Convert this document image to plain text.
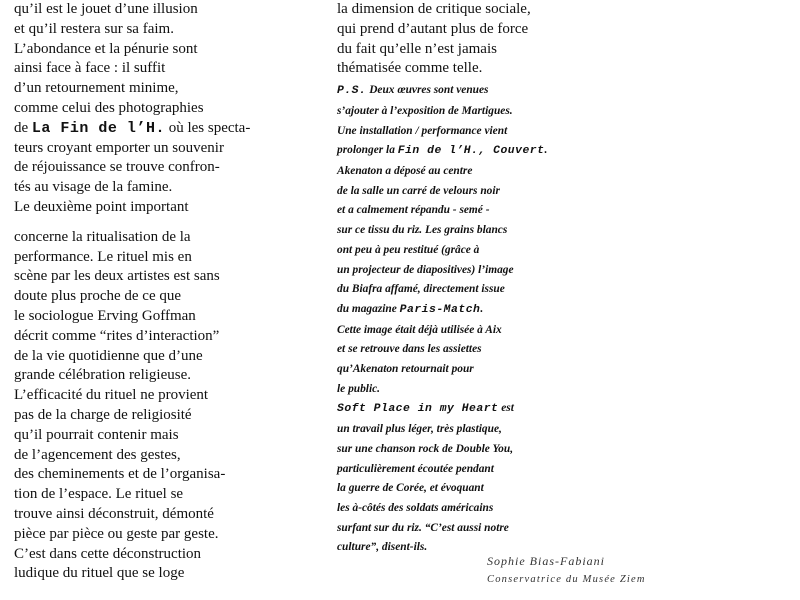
qu’il est le jouet d’une illusion

et qu’il restera sur sa faim.

L’abondance et la pénurie sont

ainsi face à face : il suffit

d’un retournement minime,

comme celui des photographies

de La Fin de l’H. où les specta-

teurs croyant emporter un souvenir

de réjouissance se trouve confron-

tés au visage de la famine.

Le deuxième point important

concerne la ritualisation de la

performance. Le rituel mis en

scène par les deux artistes est sans

doute plus proche de ce que

le sociologue Erving Goffman

décrit comme “rites d’interaction”

de la vie quotidienne que d’une

grande célébration religieuse.

L’efficacité du rituel ne provient

pas de la charge de religiosité

qu’il pourrait contenir mais

de l’agencement des gestes,

des cheminements et de l’organisa-

tion de l’espace. Le rituel se

trouve ainsi déconstruit, démonté

pièce par pièce ou geste par geste.

C’est dans cette déconstruction

ludique du rituel que se loge

la dimension de critique sociale,

qui prend d’autant plus de force

du fait qu’elle n’est jamais

thématisée comme telle.

P.S. Deux œuvres sont venues

s’ajouter à l’exposition de Martigues.

Une installation / performance vient

prolonger la Fin de l’H., Couvert.

Akenaton a déposé au centre

de la salle un carré de velours noir

et a calmement répandu - semé -

sur ce tissu du riz. Les grains blancs

ont peu à peu restitué (grâce à

un projecteur de diapositives) l’image

du Biafra affamé, directement issue

du magazine Paris-Match.

Cette image était déjà utilisée à Aix

et se retrouve dans les assiettes

qu’Akenaton retournait pour

le public.

Soft Place in my Heart est

un travail plus léger, très plastique,

sur une chanson rock de Double You,

particulièrement écoutée pendant

la guerre de Corée, et évoquant

les à-côtés des soldats américains

surfant sur du riz. “C’est aussi notre

culture”, disent-ils.

Sophie Bias-Fabiani

Conservatrice du Musée Ziem
